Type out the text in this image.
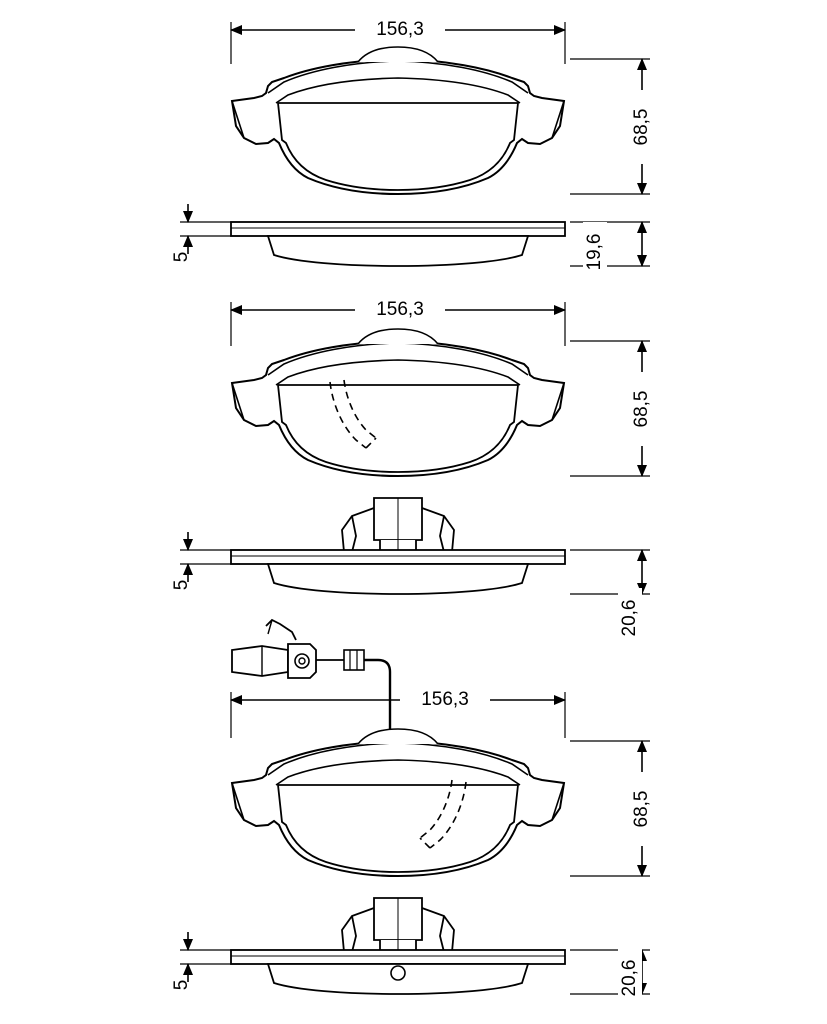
156,3
68,5
5	19,6
156,3
68,5
5
20,6
156,3
68,5
5	20,6
